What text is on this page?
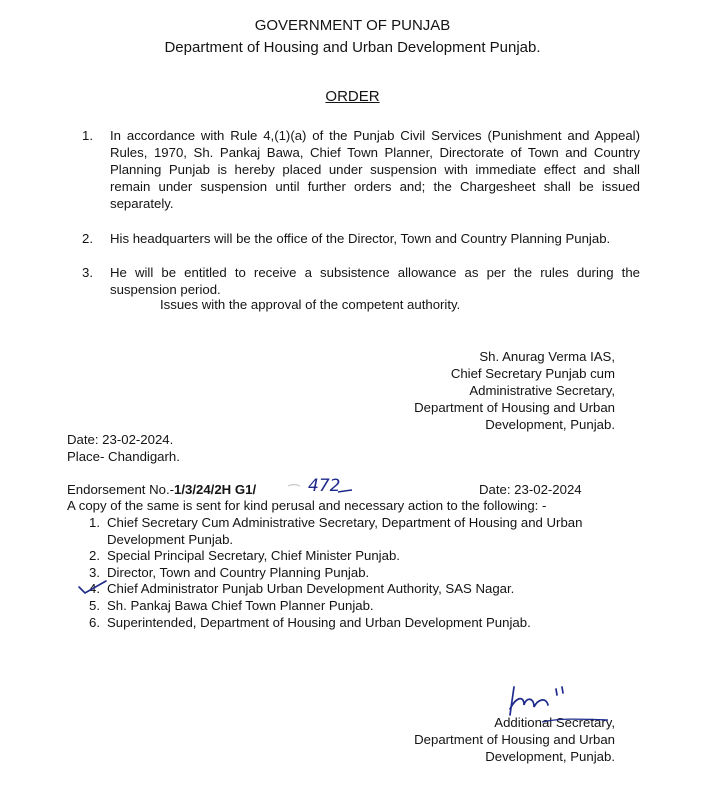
GOVERNMENT OF PUNJAB
Department of Housing and Urban Development Punjab.
ORDER
1. In accordance with Rule 4,(1)(a) of the Punjab Civil Services (Punishment and Appeal) Rules, 1970, Sh. Pankaj Bawa, Chief Town Planner, Directorate of Town and Country Planning Punjab is hereby placed under suspension with immediate effect and shall remain under suspension until further orders and; the Chargesheet shall be issued separately.
2. His headquarters will be the office of the Director, Town and Country Planning Punjab.
3. He will be entitled to receive a subsistence allowance as per the rules during the suspension period.
Issues with the approval of the competent authority.
Sh. Anurag Verma IAS,
Chief Secretary Punjab cum
Administrative Secretary,
Department of Housing and Urban
Development, Punjab.
Date: 23-02-2024.
Place- Chandigarh.
Endorsement No.-1/3/24/2H G1/	472	Date: 23-02-2024
A copy of the same is sent for kind perusal and necessary action to the following: -
1. Chief Secretary Cum Administrative Secretary, Department of Housing and Urban Development Punjab.
2. Special Principal Secretary, Chief Minister Punjab.
3. Director, Town and Country Planning Punjab.
4. Chief Administrator Punjab Urban Development Authority, SAS Nagar.
5. Sh. Pankaj Bawa Chief Town Planner Punjab.
6. Superintended, Department of Housing and Urban Development Punjab.
Additional Secretary,
Department of Housing and Urban
Development, Punjab.
